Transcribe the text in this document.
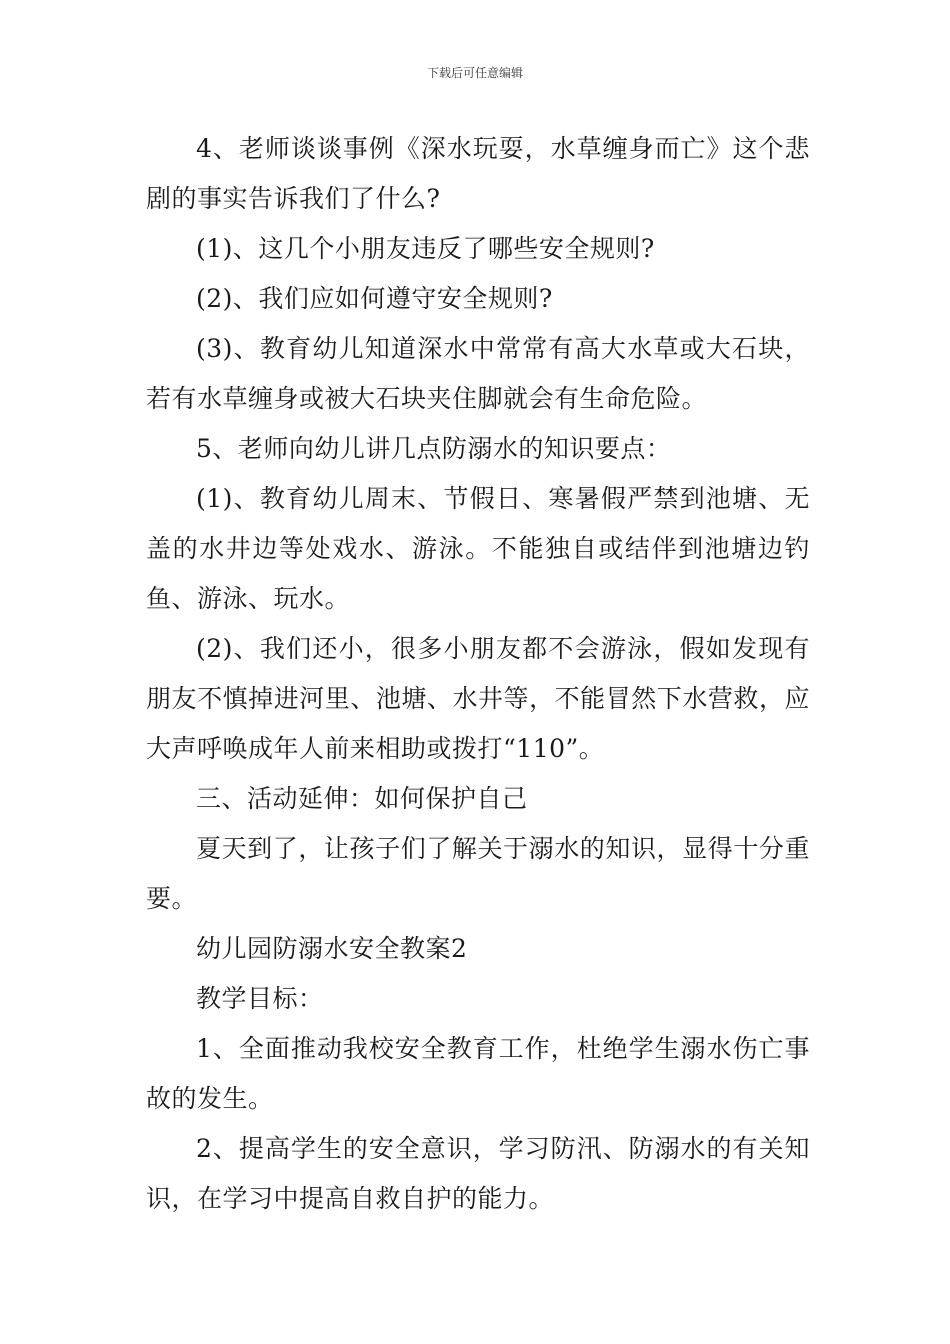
下载后可任意编辑

4、老师谈谈事例《深水玩耍，水草缠身而亡》这个悲剧的事实告诉我们了什么?

(1)、这几个小朋友违反了哪些安全规则?

(2)、我们应如何遵守安全规则?

(3)、教育幼儿知道深水中常常有高大水草或大石块，若有水草缠身或被大石块夹住脚就会有生命危险。

5、老师向幼儿讲几点防溺水的知识要点：

(1)、教育幼儿周末、节假日、寒暑假严禁到池塘、无盖的水井边等处戏水、游泳。不能独自或结伴到池塘边钓鱼、游泳、玩水。

(2)、我们还小，很多小朋友都不会游泳，假如发现有朋友不慎掉进河里、池塘、水井等，不能冒然下水营救，应大声呼唤成年人前来相助或拨打“110”。

三、活动延伸：如何保护自己

夏天到了，让孩子们了解关于溺水的知识，显得十分重要。

幼儿园防溺水安全教案2

教学目标：

1、全面推动我校安全教育工作，杜绝学生溺水伤亡事故的发生。

2、提高学生的安全意识，学习防汛、防溺水的有关知识，在学习中提高自救自护的能力。
